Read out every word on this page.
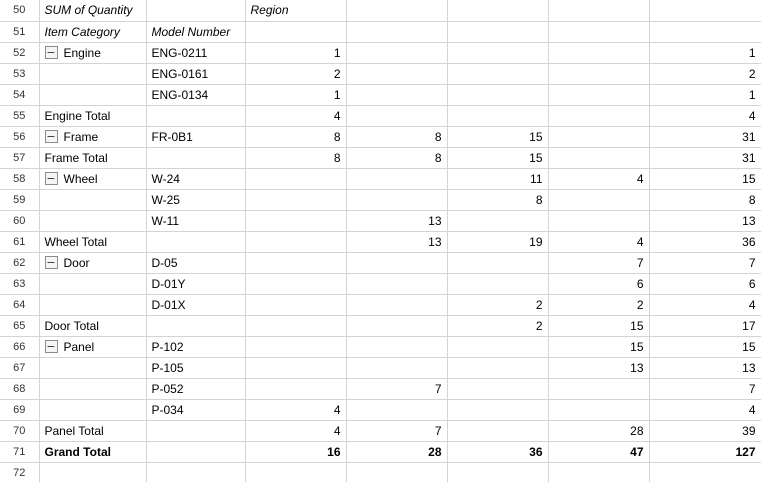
50	SUM of Quantity		Region				
51	Item Category	Model Number	North	East	South	West	Grand Total
52	− Engine	ENG-0211	1				1
53		ENG-0161	2				2
54		ENG-0134	1				1
55	Engine Total		4				4
56	− Frame	FR-0B1	8	8	15		31
57	Frame Total		8	8	15		31
58	− Wheel	W-24			11	4	15
59		W-25			8		8
60		W-11		13			13
61	Wheel Total			13	19	4	36
62	− Door	D-05				7	7
63		D-01Y				6	6
64		D-01X			2	2	4
65	Door Total				2	15	17
66	− Panel	P-102				15	15
67		P-105				13	13
68		P-052		7			7
69		P-034	4				4
70	Panel Total		4	7		28	39
71	Grand Total		16	28	36	47	127
72							
